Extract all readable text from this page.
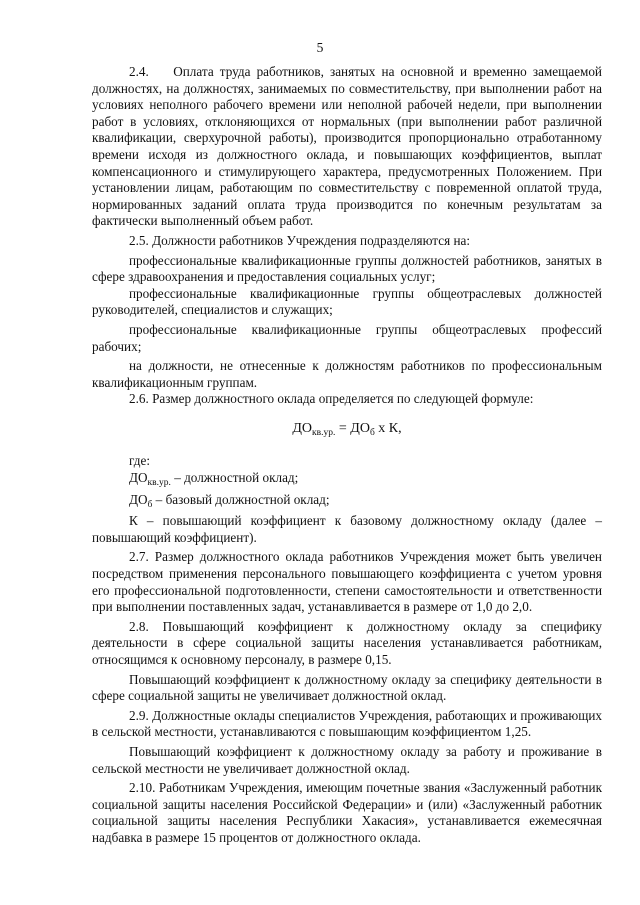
5

2.4.    Оплата труда работников, занятых на основной и временно замещаемой должностях, на должностях, занимаемых по совместительству, при выполнении работ на условиях неполного рабочего времени или неполной рабочей недели, при выполнении работ в условиях, отклоняющихся от нормальных (при выполнении работ различной квалификации, сверхурочной работы), производится пропорционально отработанному времени исходя из должностного оклада, и повышающих коэффициентов, выплат компенсационного и стимулирующего характера, предусмотренных Положением. При установлении лицам, работающим по совместительству с повременной оплатой труда, нормированных заданий оплата труда производится по конечным результатам за фактически выполненный объем работ.

2.5. Должности работников Учреждения подразделяются на:

профессиональные квалификационные группы должностей работников, занятых в сфере здравоохранения и предоставления социальных услуг;

профессиональные квалификационные группы общеотраслевых должностей руководителей, специалистов и служащих;

профессиональные квалификационные группы общеотраслевых профессий рабочих;

на должности, не отнесенные к должностям работников по профессиональным квалификационным группам.

2.6. Размер должностного оклада определяется по следующей формуле:

$ДО_{кв.ур.} = ДО_б$ х К,

где:

$ДО_{кв.ур.}$ – должностной оклад;

$ДО_б$ – базовый должностной оклад;

К – повышающий коэффициент к базовому должностному окладу (далее – повышающий коэффициент).

2.7. Размер должностного оклада работников Учреждения может быть увеличен посредством применения персонального повышающего коэффициента с учетом уровня его профессиональной подготовленности, степени самостоятельности и ответственности при выполнении поставленных задач, устанавливается в размере от 1,0 до 2,0.

2.8. Повышающий коэффициент к должностному окладу за специфику деятельности в сфере социальной защиты населения устанавливается работникам, относящимся к основному персоналу, в размере 0,15.

Повышающий коэффициент к должностному окладу за специфику деятельности в сфере социальной защиты не увеличивает должностной оклад.

2.9. Должностные оклады специалистов Учреждения, работающих и проживающих в сельской местности, устанавливаются с повышающим коэффициентом 1,25.

Повышающий коэффициент к должностному окладу за работу и проживание в сельской местности не увеличивает должностной оклад.

2.10. Работникам Учреждения, имеющим почетные звания «Заслуженный работник социальной защиты населения Российской Федерации» и (или) «Заслуженный работник социальной защиты населения Республики Хакасия», устанавливается ежемесячная надбавка в размере 15 процентов от должностного оклада.
